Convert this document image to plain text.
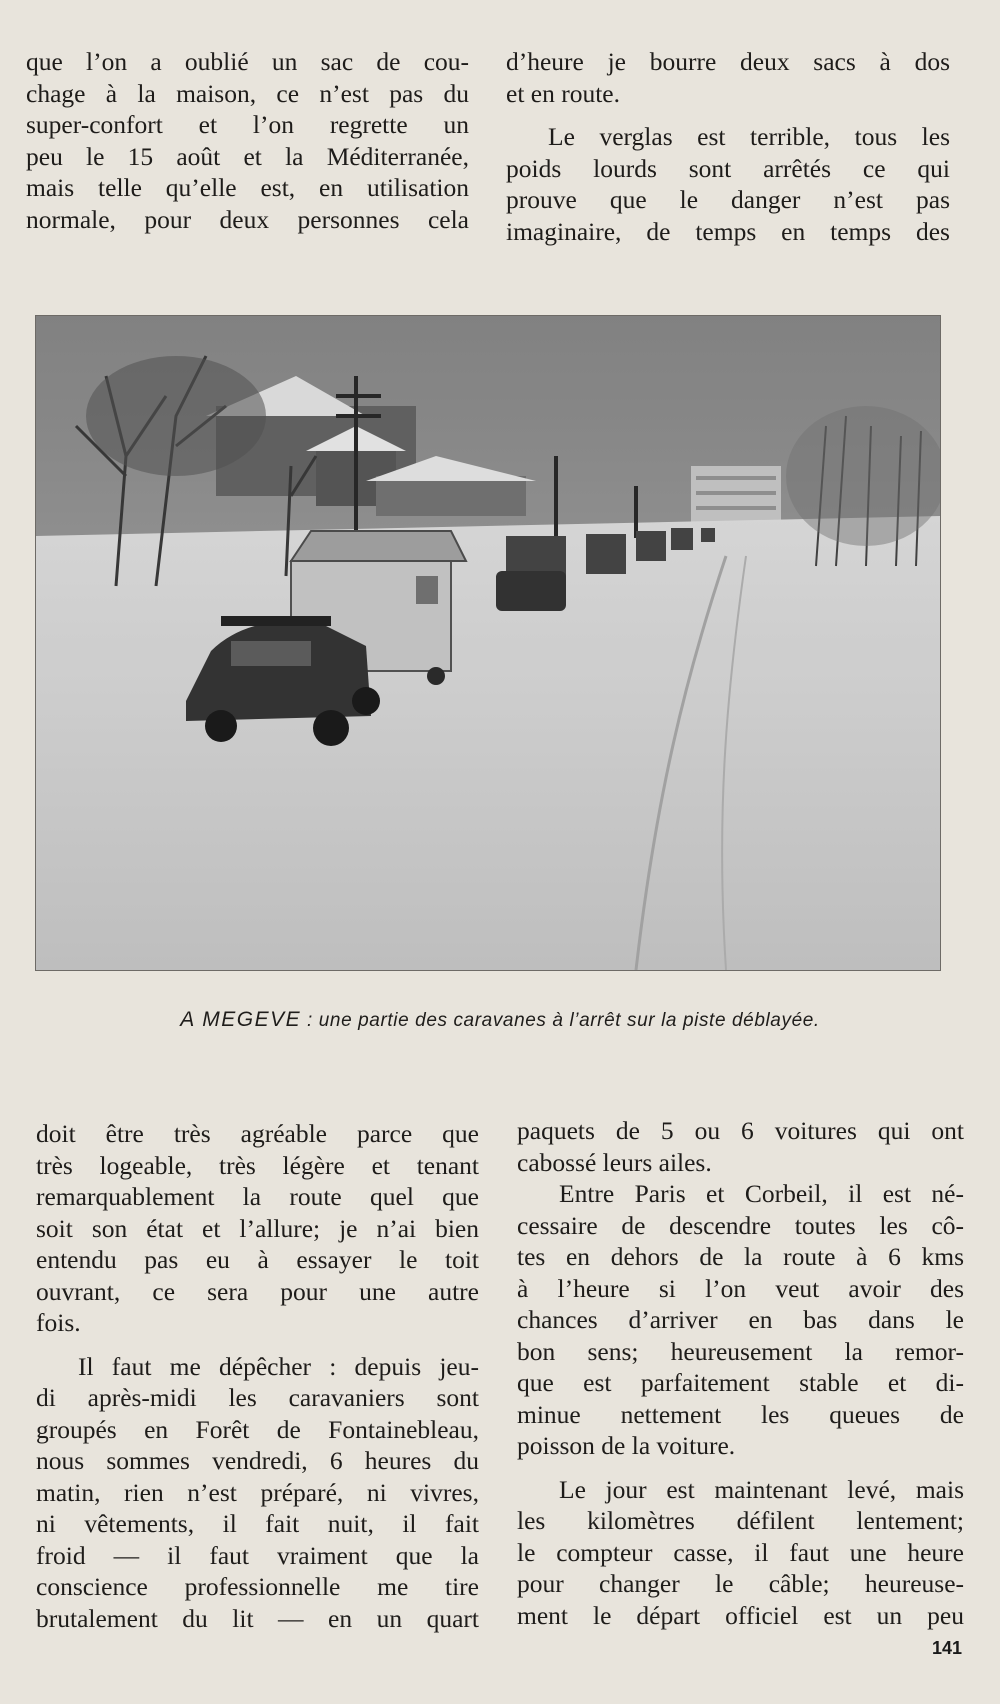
que l’on a oublié un sac de cou-
chage à la maison, ce n’est pas du
super-confort et l’on regrette un
peu le 15 août et la Méditerranée,
mais telle qu’elle est, en utilisation
normale, pour deux personnes cela

d’heure je bourre deux sacs à dos
et en route.

Le verglas est terrible, tous les
poids lourds sont arrêtés ce qui
prouve que le danger n’est pas
imaginaire, de temps en temps des

A MEGEVE : une partie des caravanes à l’arrêt sur la piste déblayée.

doit être très agréable parce que
très logeable, très légère et tenant
remarquablement la route quel que
soit son état et l’allure; je n’ai bien
entendu pas eu à essayer le toit
ouvrant, ce sera pour une autre
fois.

Il faut me dépêcher : depuis jeu-
di après-midi les caravaniers sont
groupés en Forêt de Fontainebleau,
nous sommes vendredi, 6 heures du
matin, rien n’est préparé, ni vivres,
ni vêtements, il fait nuit, il fait
froid — il faut vraiment que la
conscience professionnelle me tire
brutalement du lit — en un quart

paquets de 5 ou 6 voitures qui ont
cabossé leurs ailes.

Entre Paris et Corbeil, il est né-
cessaire de descendre toutes les cô-
tes en dehors de la route à 6 kms
à l’heure si l’on veut avoir des
chances d’arriver en bas dans le
bon sens; heureusement la remor-
que est parfaitement stable et di-
minue nettement les queues de
poisson de la voiture.

Le jour est maintenant levé, mais
les kilomètres défilent lentement;
le compteur casse, il faut une heure
pour changer le câble; heureuse-
ment le départ officiel est un peu

141
